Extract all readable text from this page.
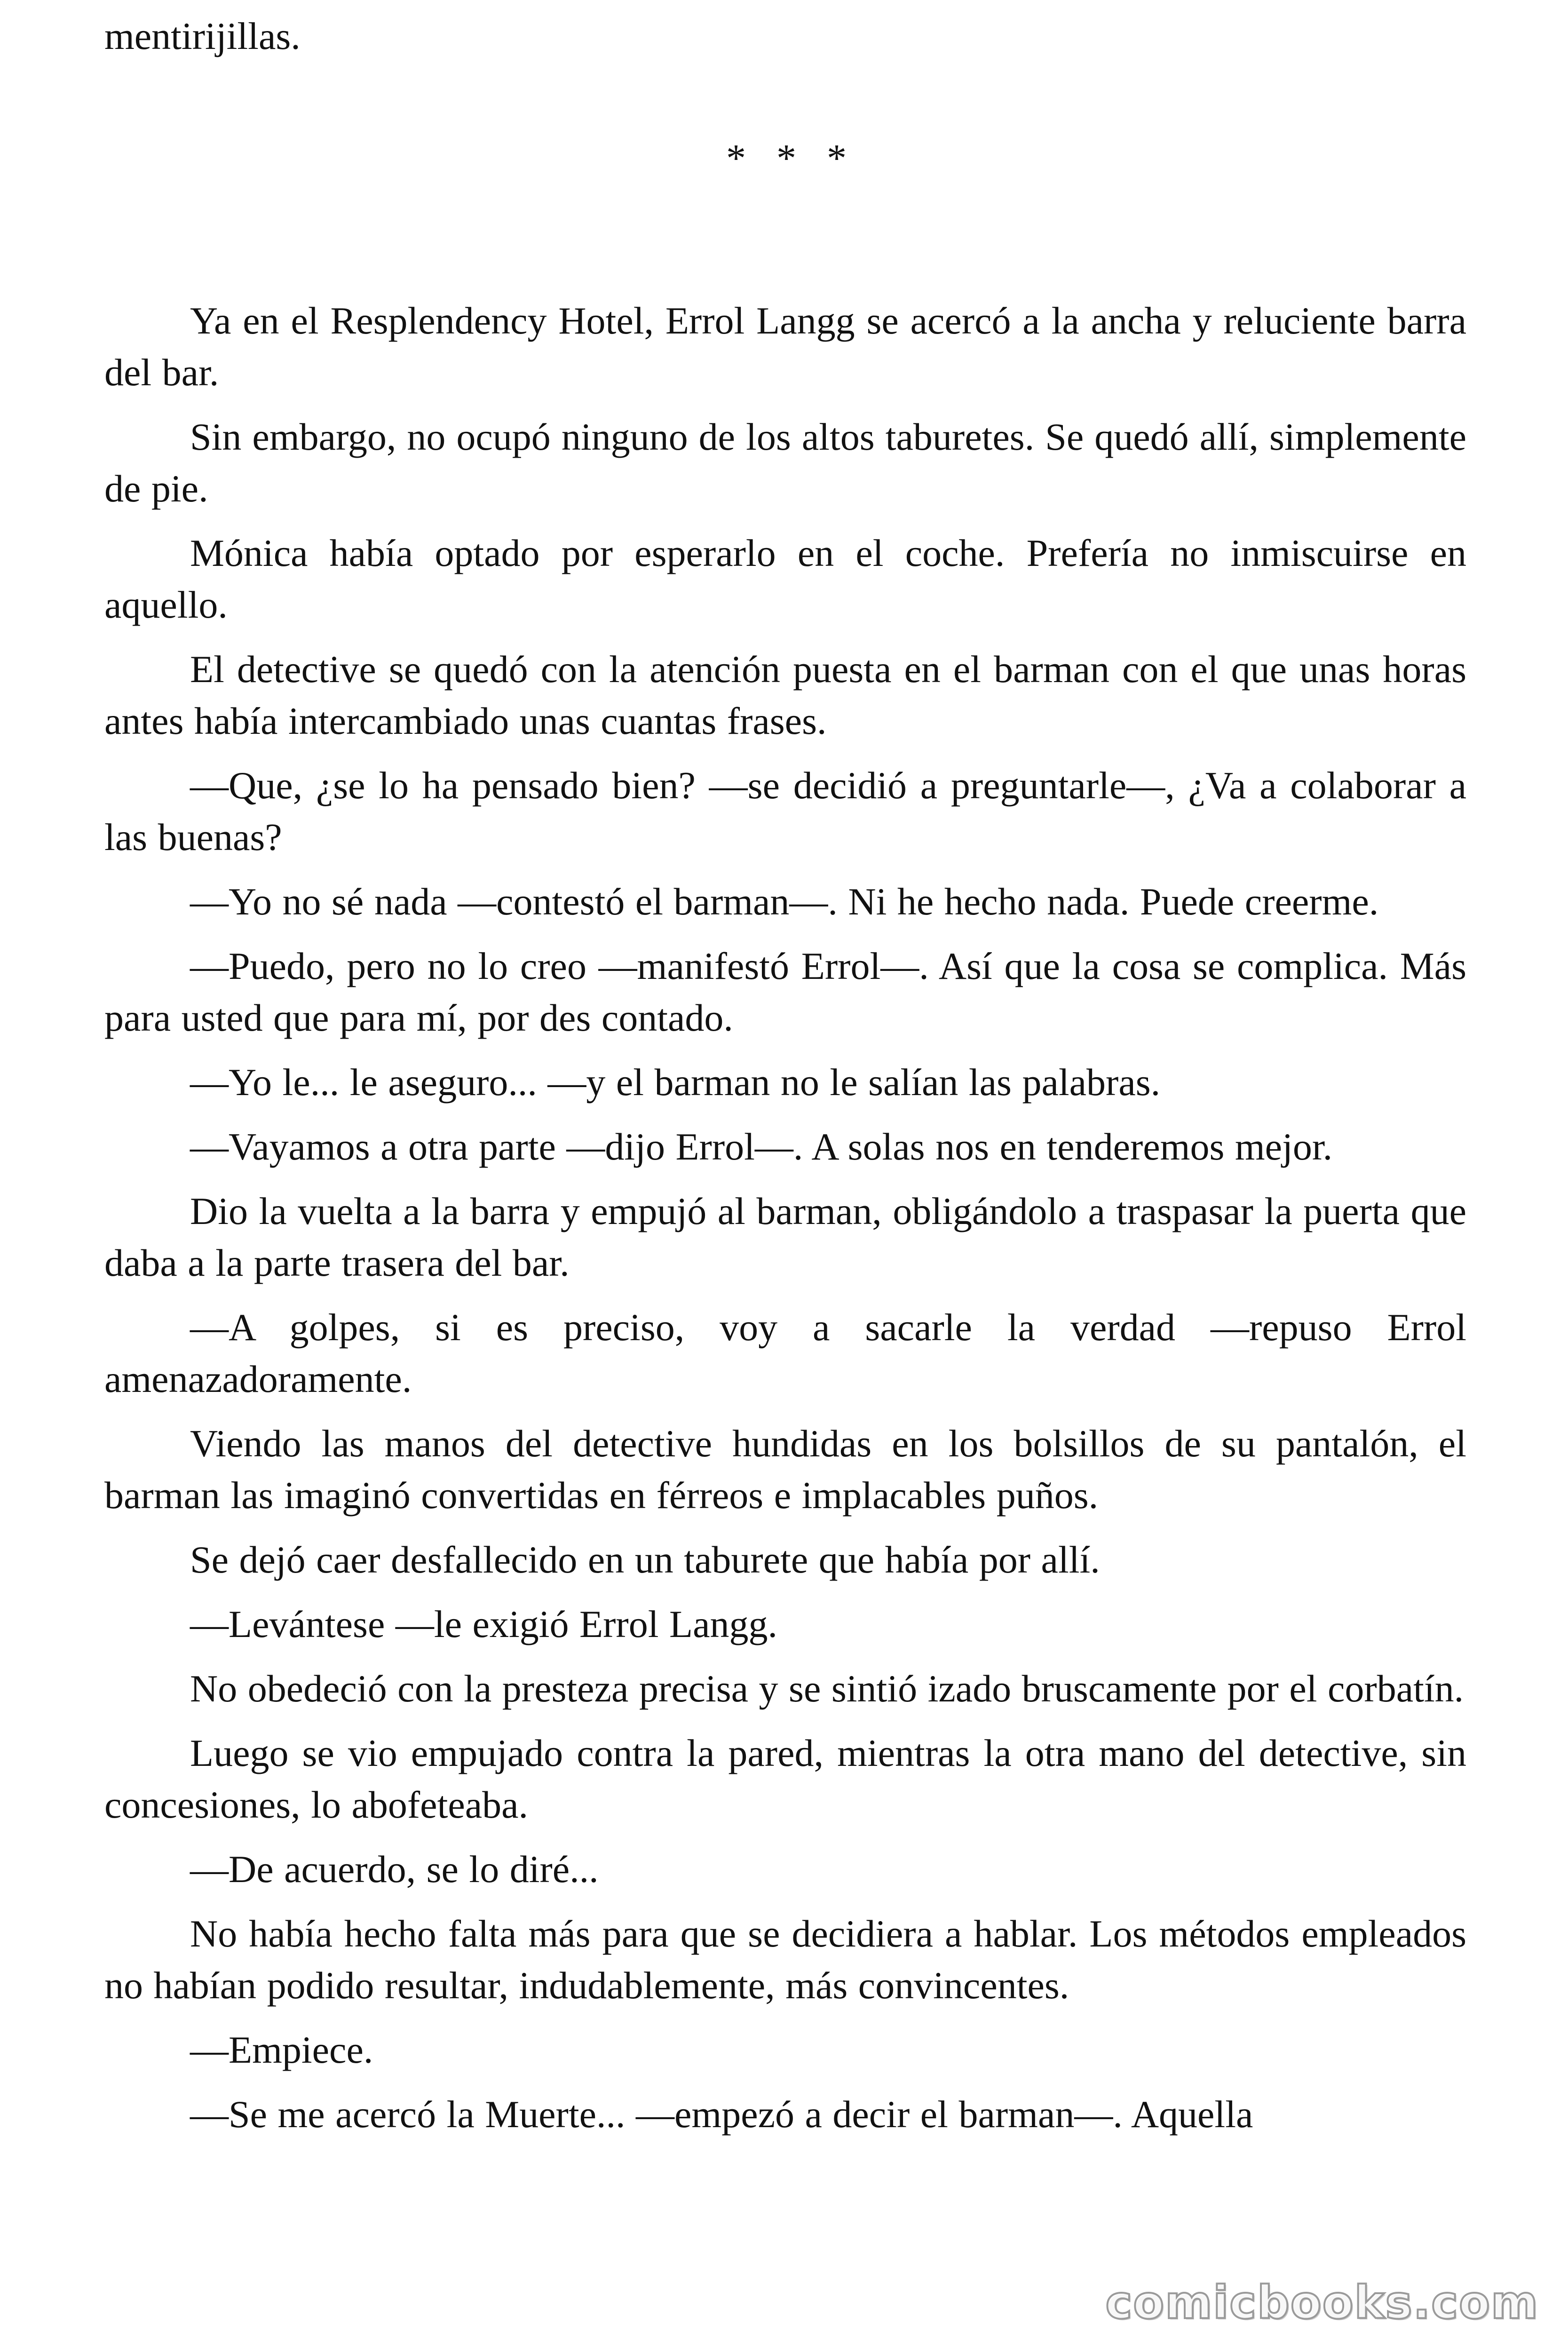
mentirijillas.

* * *

Ya en el Resplendency Hotel, Errol Langg se acercó a la ancha y reluciente barra del bar.

Sin embargo, no ocupó ninguno de los altos taburetes. Se quedó allí, simplemente de pie.

Mónica había optado por esperarlo en el coche. Prefería no inmiscuirse en aquello.

El detective se quedó con la atención puesta en el barman con el que unas horas antes había intercambiado unas cuantas frases.

—Que, ¿se lo ha pensado bien? —se decidió a preguntarle—, ¿Va a colaborar a las buenas?

—Yo no sé nada —contestó el barman—. Ni he hecho nada. Puede creerme.

—Puedo, pero no lo creo —manifestó Errol—. Así que la cosa se complica. Más para usted que para mí, por des contado.

—Yo le... le aseguro... —y el barman no le salían las palabras.

—Vayamos a otra parte —dijo Errol—. A solas nos en tenderemos mejor.

Dio la vuelta a la barra y empujó al barman, obligándolo a traspasar la puerta que daba a la parte trasera del bar.

—A golpes, si es preciso, voy a sacarle la verdad —repuso Errol amenazadoramente.

Viendo las manos del detective hundidas en los bolsillos de su pantalón, el barman las imaginó convertidas en férreos e implacables puños.

Se dejó caer desfallecido en un taburete que había por allí.

—Levántese —le exigió Errol Langg.

No obedeció con la presteza precisa y se sintió izado bruscamente por el corbatín.

Luego se vio empujado contra la pared, mientras la otra mano del detective, sin concesiones, lo abofeteaba.

—De acuerdo, se lo diré...

No había hecho falta más para que se decidiera a hablar. Los métodos empleados no habían podido resultar, indudablemente, más convincentes.

—Empiece.

—Se me acercó la Muerte... —empezó a decir el barman—. Aquella

comicbooks.com
